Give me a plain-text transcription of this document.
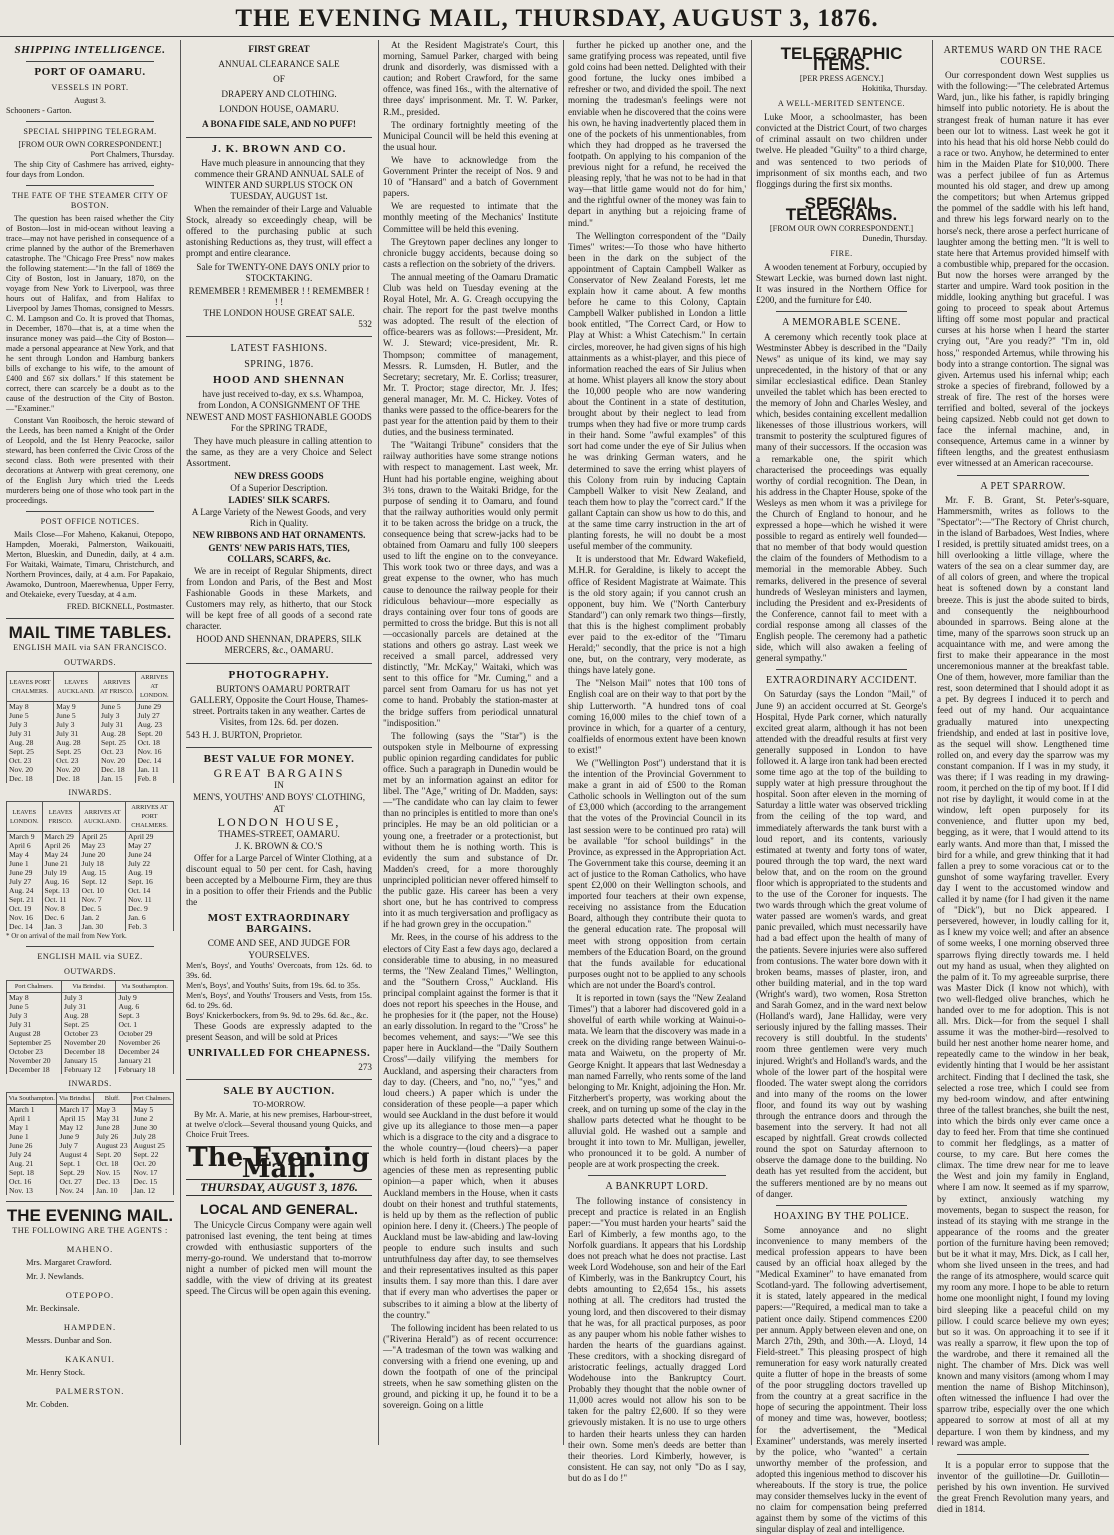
THE EVENING MAIL, THURSDAY, AUGUST 3, 1876.
SHIPPING INTELLIGENCE.
PORT OF OAMARU.
VESSELS IN PORT.
August 3.
Schooners - Garton.
SPECIAL SHIPPING TELEGRAM.
[FROM OUR OWN CORRESPONDENT.]
Port Chalmers, Thursday.

The ship City of Cashmere has arrived, eighty-four days from London.

THE FATE OF THE STEAMER CITY OF BOSTON.

The question has been raised whether the City of Boston—lost in mid-ocean without leaving a trace—may not have perished in consequence of a crime planned by the author of the Bremerhaven catastrophe. The "Chicago Free Press" now makes the following statement:—"In the fall of 1869 the City of Boston, lost in January, 1870, on the voyage from New York to Liverpool, was three hours out of Halifax, and from Halifax to Liverpool by James Thomas, consigned to Messrs. C. M. Lampson and Co. It is proved that Thomas, in December, 1870—that is, at a time when the insurance money was paid—the City of Boston—made a personal appearance at New York, and that he sent through London and Hamburg bankers bills of exchange to his wife, to the amount of £400 and £67 six dollars." If this statement be correct, there can scarcely be a doubt as to the cause of the destruction of the City of Boston.—"Examiner."

Constant Van Rooibosch, the heroic steward of the Leeds, has been named a Knight of the Order of Leopold, and the Ist Henry Peacocke, sailor steward, has been conferred the Civic Cross of the second class. Both were presented with their decorations at Antwerp with great ceremony, one of the English Jury which tried the Leeds murderers being one of those who took part in the proceedings.

POST OFFICE NOTICES.

Mails Close—For Maheno, Kakanui, Otepopo, Hampden, Moeraki, Palmerston, Waikouaiti, Merton, Blueskin, and Dunedin, daily, at 4 a.m. For Waitaki, Waimate, Timaru, Christchurch, and Northern Provinces, daily, at 4 a.m. For Papakaio, Awamoko, Duntroon, Maerewhenua, Upper Ferry, and Otekaieke, every Tuesday, at 4 a.m.

FRED. BICKNELL, Postmaster.
MAIL TIME TABLES.
ENGLISH MAIL via SAN FRANCISCO.
OUTWARDS.
LEAVES PORT CHALMERS.	LEAVES AUCKLAND.	ARRIVES AT FRISCO.	ARRIVES AT LONDON.
May 8	May 9	June 5	June 29
June 5	June 5	July 3	July 27
July 3	July 3	July 31	Aug. 23
July 31	July 31	Aug. 28	Sept. 20
Aug. 28	Aug. 28	Sept. 25	Oct. 18
Sept. 25	Sept. 25	Oct. 23	Nov. 16
Oct. 23	Oct. 23	Nov. 20	Dec. 14
Nov. 20	Nov. 20	Dec. 18	Jan. 11
Dec. 18	Dec. 18	Jan. 15	Feb. 8
INWARDS.
LEAVES LONDON.	LEAVES FRISCO.	ARRIVES AT AUCKLAND.	ARRIVES AT PORT CHALMERS.
March 9	March 29	April 25	April 29
April 6	April 26	May 23	May 27
May 4	May 24	June 20	June 24
June 1	June 21	July 18	July 22
June 29	July 19	Aug. 15	Aug. 19
July 27	Aug. 16	Sept. 12	Sept. 16
Aug. 24	Sept. 13	Oct. 10	Oct. 14
Sept. 21	Oct. 11	Nov. 7	Nov. 11
Oct. 19	Nov. 8	Dec. 5	Dec. 9
Nov. 16	Dec. 6	Jan. 2	Jan. 6
Dec. 14	Jan. 3	Jan. 30	Feb. 3
* Or on arrival of the mail from New York.
ENGLISH MAIL via SUEZ.
OUTWARDS.
Port Chalmers.	Via Brindisi.	Via Southampton.
May 8	July 3	July 9
June 5	July 31	Aug. 6
July 3	Aug. 28	Sept. 3
July 31	Sept. 25	Oct. 1
August 28	October 23	October 29
September 25	November 20	November 26
October 23	December 18	December 24
November 20	January 15	January 21
December 18	February 12	February 18
INWARDS.
Via Southampton.	Via Brindisi.	Bluff.	Port Chalmers.
March 1	March 17	May 3	May 5
April 1	April 15	May 31	June 2
May 1	May 12	June 28	June 30
June 1	June 9	July 26	July 28
June 26	July 7	August 23	August 25
July 24	August 4	Sept. 20	Sept. 22
Aug. 21	Sept. 1	Oct. 18	Oct. 20
Sept. 18	Sept. 29	Nov. 15	Nov. 17
Oct. 16	Oct. 27	Dec. 13	Dec. 15
Nov. 13	Nov. 24	Jan. 10	Jan. 12
THE EVENING MAIL.
THE FOLLOWING ARE THE AGENTS :
MAHENO.
Mrs. Margaret Crawford.
Mr. J. Newlands.
OTEPOPO.
Mr. Beckinsale.
HAMPDEN.
Messrs. Dunbar and Son.
KAKANUI.
Mr. Henry Stock.
PALMERSTON.
Mr. Cobden.
FIRST GREAT
ANNUAL CLEARANCE SALE
OF
DRAPERY AND CLOTHING.
LONDON HOUSE, OAMARU.
A BONA FIDE SALE, AND NO PUFF!
J. K. BROWN AND CO.

Have much pleasure in announcing that they commence their GRAND ANNUAL SALE of WINTER AND SURPLUS STOCK ON TUESDAY, AUGUST 1st.

When the remainder of their Large and Valuable Stock, already so exceedingly cheap, will be offered to the purchasing public at such astonishing Reductions as, they trust, will effect a prompt and entire clearance.

Sale for TWENTY-ONE DAYS ONLY prior to STOCKTAKING.

REMEMBER ! REMEMBER ! ! REMEMBER ! ! !
THE LONDON HOUSE GREAT SALE.
532
LATEST FASHIONS.
SPRING, 1876.
HOOD AND SHENNAN

have just received to-day, ex s.s. Whampoa, from London, A CONSIGNMENT OF THE NEWEST AND MOST FASHIONABLE GOODS For the SPRING TRADE,

They have much pleasure in calling attention to the same, as they are a very Choice and Select Assortment.

NEW DRESS GOODS
Of a Superior Description.
LADIES' SILK SCARFS.
A Large Variety of the Newest Goods, and very Rich in Quality.
NEW RIBBONS AND HAT ORNAMENTS.
GENTS' NEW PARIS HATS, TIES, COLLARS, SCARFS, &c.

We are in receipt of Regular Shipments, direct from London and Paris, of the Best and Most Fashionable Goods in these Markets, and Customers may rely, as hitherto, that our Stock will be kept free of all goods of a second rate character.

HOOD AND SHENNAN, DRAPERS, SILK MERCERS, &c., OAMARU.
PHOTOGRAPHY.

BURTON'S OAMARU PORTRAIT GALLERY, Opposite the Court House, Thames-street. Portraits taken in any weather. Cartes de Visites, from 12s. 6d. per dozen.

543 H. J. BURTON, Proprietor.
BEST VALUE FOR MONEY.
GREAT BARGAINS
IN
MEN'S, YOUTHS' AND BOYS' CLOTHING,
AT
LONDON HOUSE,
THAMES-STREET, OAMARU.
J. K. BROWN & CO.'S

Offer for a Large Parcel of Winter Clothing, at a discount equal to 50 per cent. for Cash, having been accepted by a Melbourne Firm, they are thus in a position to offer their Friends and the Public the

MOST EXTRAORDINARY BARGAINS.
COME AND SEE, AND JUDGE FOR YOURSELVES.
Men's, Boys', and Youths' Overcoats, from 12s. 6d. to 39s. 6d.
Men's, Boys', and Youths' Suits, from 19s. 6d. to 35s.
Men's, Boys', and Youths' Trousers and Vests, from 15s. 6d. to 29s. 6d.
Boys' Knickerbockers, from 9s. 9d. to 29s. 6d. &c., &c.

These Goods are expressly adapted to the present Season, and will be sold at Prices

UNRIVALLED FOR CHEAPNESS.
273
SALE BY AUCTION.
TO-MORROW.

By Mr. A. Marie, at his new premises, Harbour-street, at twelve o'clock—Several thousand young Quicks, and Choice Fruit Trees.

The Evening Mail.
THURSDAY, AUGUST 3, 1876.
LOCAL AND GENERAL.

The Unicycle Circus Company were again well patronised last evening, the tent being at times crowded with enthusiastic supporters of the merry-go-round. We understand that to-morrow night a number of picked men will mount the saddle, with the view of driving at its greatest speed. The Circus will be open again this evening.

At the Resident Magistrate's Court, this morning, Samuel Parker, charged with being drunk and disorderly, was dismissed with a caution; and Robert Crawford, for the same offence, was fined 16s., with the alternative of three days' imprisonment. Mr. T. W. Parker, R.M., presided.

The ordinary fortnightly meeting of the Municipal Council will be held this evening at the usual hour.

We have to acknowledge from the Government Printer the receipt of Nos. 9 and 10 of "Hansard" and a batch of Government papers.

We are requested to intimate that the monthly meeting of the Mechanics' Institute Committee will be held this evening.

The Greytown paper declines any longer to chronicle buggy accidents, because doing so casts a reflection on the sobriety of the drivers.

The annual meeting of the Oamaru Dramatic Club was held on Tuesday evening at the Royal Hotel, Mr. A. G. Creagh occupying the chair. The report for the past twelve months was adopted. The result of the election of office-bearers was as follows:—President, Mr. W. J. Steward; vice-president, Mr. R. Thompson; committee of management, Messrs. R. Lumsden, H. Butler, and the Secretary; secretary, Mr. E. Corliss; treasurer, Mr. T. Proctor; stage director, Mr. J. Ifes; general manager, Mr. M. C. Hickey. Votes of thanks were passed to the office-bearers for the past year for the attention paid by them to their duties, and the business terminated.

The "Waitangi Tribune" considers that the railway authorities have some strange notions with respect to management. Last week, Mr. Hunt had his portable engine, weighing about 3½ tons, drawn to the Waitaki Bridge, for the purpose of sending it to Oamaru, and found that the railway authorities would only permit it to be taken across the bridge on a truck, the consequence being that screw-jacks had to be obtained from Oamaru and fully 100 sleepers used to lift the engine on to the conveyance. This work took two or three days, and was a great expense to the owner, who has much cause to denounce the railway people for their ridiculous behaviour—more especially as drays containing over four tons of goods are permitted to cross the bridge. But this is not all—occasionally parcels are detained at the stations and others go astray. Last week we received a small parcel, addressed very distinctly, "Mr. McKay," Waitaki, which was sent to this office for "Mr. Cuming," and a parcel sent from Oamaru for us has not yet come to hand. Probably the station-master at the bridge suffers from periodical unnatural "indisposition."

The following (says the "Star") is the outspoken style in Melbourne of expressing public opinion regarding candidates for public office. Such a paragraph in Dunedin would be met by an information against an editor for libel. The "Age," writing of Dr. Madden, says:—"The candidate who can lay claim to fewer than no principles is entitled to more than one's principles. He may be an old politician or a young one, a freetrader or a protectionist, but without them he is nothing worth. This is evidently the sum and substance of Dr. Madden's creed, for a more thoroughly unprincipled politician never offered himself to the public gaze. His career has been a very short one, but he has contrived to compress into it as much tergiversation and profligacy as if he had grown grey in the occupation."

Mr. Rees, in the course of his address to the electors of City East a few days ago, declared a considerable time to abusing, in no measured terms, the "New Zealand Times," Wellington, and the "Southern Cross," Auckland. His principal complaint against the former is that it does not report his speeches in the House, and he prophesies for it (the paper, not the House) an early dissolution. In regard to the "Cross" he becomes vehement, and says:—"We see this paper here in Auckland—the "Daily Southern Cross"—daily vilifying the members for Auckland, and aspersing their characters from day to day. (Cheers, and "no, no," "yes," and loud cheers.) A paper which is under the consideration of these people—a paper which would see Auckland in the dust before it would give up its allegiance to those men—a paper which is a disgrace to the city and a disgrace to the whole country—(loud cheers)—a paper which is held forth in distant places by the agencies of these men as representing public opinion—a paper which, when it abuses Auckland members in the House, when it casts doubt on their honest and truthful statements, is held up by them as the reflection of public opinion here. I deny it. (Cheers.) The people of Auckland must be law-abiding and law-loving people to endure such insults and such untruthfulness day after day, to see themselves and their representatives insulted as this paper insults them. I say more than this. I dare aver that if every man who advertises the paper or subscribes to it aiming a blow at the liberty of the country."

The following incident has been related to us ("Riverina Herald") as of recent occurrence:—"A tradesman of the town was walking and conversing with a friend one evening, up and down the footpath of one of the principal streets, when he saw something glisten on the ground, and picking it up, he found it to be a sovereign. Going on a little

further he picked up another one, and the same gratifying process was repeated, until five gold coins had been netted. Delighted with their good fortune, the lucky ones imbibed a refresher or two, and divided the spoil. The next morning the tradesman's feelings were not enviable when he discovered that the coins were his own, he having inadvertently placed them in one of the pockets of his unmentionables, from which they had dropped as he traversed the footpath. On applying to his companion of the previous night for a refund, he received the pleasing reply, 'that he was not to be had in that way—that little game would not do for him,' and the rightful owner of the money was fain to depart in anything but a rejoicing frame of mind."

The Wellington correspondent of the "Daily Times" writes:—To those who have hitherto been in the dark on the subject of the appointment of Captain Campbell Walker as Conservator of New Zealand Forests, let me explain how it came about. A few months before he came to this Colony, Captain Campbell Walker published in London a little book entitled, "The Correct Card, or How to Play at Whist: a Whist Catechism." In certain circles, moreover, he had given signs of his high attainments as a whist-player, and this piece of information reached the ears of Sir Julius when at home. Whist players all know the story about the 10,000 people who are now wandering about the Continent in a state of destitution, brought about by their neglect to lead from trumps when they had five or more trump cards in their hand. Some "awful examples" of this sort had come under the eye of Sir Julius when he was drinking German waters, and he determined to save the erring whist players of this Colony from ruin by inducing Captain Campbell Walker to visit New Zealand, and teach them how to play the "correct card." If the gallant Captain can show us how to do this, and at the same time carry instruction in the art of planting forests, he will no doubt be a most useful member of the community.

It is understood that Mr. Edward Wakefield, M.H.R. for Geraldine, is likely to accept the office of Resident Magistrate at Waimate. This is the old story again; if you cannot crush an opponent, buy him. We ("North Canterbury Standard") can only remark two things—firstly, that this is the highest compliment probably ever paid to the ex-editor of the "Timaru Herald;" secondly, that the price is not a high one, but, on the contrary, very moderate, as things have lately gone.

The "Nelson Mail" notes that 100 tons of English coal are on their way to that port by the ship Lutterworth. "A hundred tons of coal coming 16,000 miles to the chief town of a province in which, for a quarter of a century, coalfields of enormous extent have been known to exist!"

We ("Wellington Post") understand that it is the intention of the Provincial Government to make a grant in aid of £500 to the Roman Catholic schools in Wellington out of the sum of £3,000 which (according to the arrangement that the votes of the Provincial Council in its last session were to be continued pro rata) will be available "for school buildings" in the Province, as expressed in the Appropriation Act. The Government take this course, deeming it an act of justice to the Roman Catholics, who have spent £2,000 on their Wellington schools, and imported four teachers at their own expense, receiving no assistance from the Education Board, although they contribute their quota to the general education rate. The proposal will meet with strong opposition from certain members of the Education Board, on the ground that the funds available for educational purposes ought not to be applied to any schools which are not under the Board's control.

It is reported in town (says the "New Zealand Times") that a laborer had discovered gold in a shovelful of earth while working at Wainui-o-mata. We learn that the discovery was made in a creek on the dividing range between Wainui-o-mata and Waiwetu, on the property of Mr. George Knight. It appears that last Wednesday a man named Farrelly, who rents some of the land belonging to Mr. Knight, adjoining the Hon. Mr. Fitzherbert's property, was working about the creek, and on turning up some of the clay in the shallow parts detected what he thought to be alluvial gold. He washed out a sample and brought it into town to Mr. Mulligan, jeweller, who pronounced it to be gold. A number of people are at work prospecting the creek.

A BANKRUPT LORD.

The following instance of consistency in precept and practice is related in an English paper:—"You must harden your hearts" said the Earl of Kimberly, a few months ago, to the Norfolk guardians. It appears that his Lordship does not preach what he does not practise. Last week Lord Wodehouse, son and heir of the Earl of Kimberly, was in the Bankruptcy Court, his debts amounting to £2,654 15s., his assets nothing at all. The creditors had trusted the young lord, and then discovered to their dismay that he was, for all practical purposes, as poor as any pauper whom his noble father wishes to harden the hearts of the guardians against. These creditors, with a shocking disregard of aristocratic feelings, actually dragged Lord Wodehouse into the Bankruptcy Court. Probably they thought that the noble owner of 11,000 acres would not allow his son to be taken for the paltry £2,600. If so they were grievously mistaken. It is no use to urge others to harden their hearts unless they can harden their own. Some men's deeds are better than their theories. Lord Kimberly, however, is consistent. He can say, not only "Do as I say, but do as I do !"

TELEGRAPHIC ITEMS.
[PER PRESS AGENCY.]
Hokitika, Thursday.
A WELL-MERITED SENTENCE.

Luke Moor, a schoolmaster, has been convicted at the District Court, of two charges of criminal assault on two children under twelve. He pleaded "Guilty" to a third charge, and was sentenced to two periods of imprisonment of six months each, and two floggings during the first six months.

SPECIAL TELEGRAMS.
[FROM OUR OWN CORRESPONDENT.]
Dunedin, Thursday.
FIRE.

A wooden tenement at Forbury, occupied by Stewart Leckie, was burned down last night. It was insured in the Northern Office for £200, and the furniture for £40.

A MEMORABLE SCENE.

A ceremony which recently took place at Westminster Abbey is described in the "Daily News" as unique of its kind, we may say unprecedented, in the history of that or any similar ecclesiastical edifice. Dean Stanley unveiled the tablet which has been erected to the memory of John and Charles Wesley, and which, besides containing excellent medallion likenesses of those illustrious workers, will transmit to posterity the sculptured figures of many of their successors. If the occasion was a remarkable one, the spirit which characterised the proceedings was equally worthy of cordial recognition. The Dean, in his address in the Chapter House, spoke of the Wesleys as men whom it was a privilege for the Church of England to honour, and he expressed a hope—which he wished it were possible to regard as entirely well founded—that no member of that body would question the claim of the founders of Methodism to a memorial in the memorable Abbey. Such remarks, delivered in the presence of several hundreds of Wesleyan ministers and laymen, including the President and ex-Presidents of the Conference, cannot fail to meet with a cordial response among all classes of the English people. The ceremony had a pathetic side, which will also awaken a feeling of general sympathy."

EXTRAORDINARY ACCIDENT.

On Saturday (says the London "Mail," of June 9) an accident occurred at St. George's Hospital, Hyde Park corner, which naturally excited great alarm, although it has not been attended with the dreadful results at first very generally supposed in London to have followed it. A large iron tank had been erected some time ago at the top of the building to supply water at high pressure throughout the hospital. Soon after eleven in the morning of Saturday a little water was observed trickling from the ceiling of the top ward, and immediately afterwards the tank burst with a loud report, and its contents, variously estimated at twenty and forty tons of water, poured through the top ward, the next ward below that, and on the room on the ground floor which is appropriated to the students and to the use of the Coroner for inquests. The two wards through which the great volume of water passed are women's wards, and great panic prevailed, which must necessarily have had a bad effect upon the health of many of the patients. Severe injuries were also suffered from contusions. The water bore down with it broken beams, masses of plaster, iron, and other building material, and in the top ward (Wright's ward), two women, Rosa Stretton and Sarah Gomez, and in the ward next below (Holland's ward), Jane Halliday, were very seriously injured by the falling masses. Their recovery is still doubtful. In the students' room three gentlemen were very much injured. Wright's and Holland's wards, and the whole of the lower part of the hospital were flooded. The water swept along the corridors and into many of the rooms on the lower floor, and found its way out by washing through the entrance doors and through the basement into the servery. It had not all escaped by nightfall. Great crowds collected round the spot on Saturday afternoon to observe the damage done to the building. No death has yet resulted from the accident, but the sufferers mentioned are by no means out of danger.

HOAXING BY THE POLICE.

Some annoyance and no slight inconvenience to many members of the medical profession appears to have been caused by an official hoax alleged by the "Medical Examiner" to have emanated from Scotland-yard. The following advertisement, it is stated, lately appeared in the medical papers:—"Required, a medical man to take a patient once daily. Stipend commences £200 per annum. Apply between eleven and one, on March 27th, 29th, and 30th.—A. Lloyd, 14 Field-street." This pleasing prospect of high remuneration for easy work naturally created quite a flutter of hope in the breasts of some of the poor struggling doctors travelled up from the country at a great sacrifice in the hope of securing the appointment. Their loss of money and time was, however, bootless; for the advertisement, the "Medical Examiner" understands, was merely inserted by the police, who "wanted" a certain unworthy member of the profession, and adopted this ingenious method to discover his whereabouts. If the story is true, the police may consider themselves lucky in the event of no claim for compensation being preferred against them by some of the victims of this singular display of zeal and intelligence.

ARTEMUS WARD ON THE RACE COURSE.

Our correspondent down West supplies us with the following:—"The celebrated Artemus Ward, jun., like his father, is rapidly bringing himself into public notoriety. He is about the strangest freak of human nature it has ever been our lot to witness. Last week he got it into his head that his old horse Nebb could do a race or two. Anyhow, he determined to enter him in the Maiden Plate for $10,000. There was a perfect jubilee of fun as Artemus mounted his old stager, and drew up among the competitors; but when Artemus gripped the pommel of the saddle with his left hand, and threw his legs forward nearly on to the horse's neck, there arose a perfect hurricane of laughter among the betting men. "It is well to state here that Artemus provided himself with a combustible whip, prepared for the occasion. But now the horses were arranged by the starter and umpire. Ward took position in the middle, looking anything but graceful. I was going to proceed to speak about Artemus lifting off some most popular and practical curses at his horse when I heard the starter crying out, "Are you ready?" "I'm in, old hoss," responded Artemus, while throwing his body into a strange contortion. The signal was given. Artemus used his infernal whip; each stroke a species of firebrand, followed by a streak of fire. The rest of the horses were terrified and bolted, several of the jockeys being capsized. Nebb could not get down to face the infernal machine, and, in consequence, Artemus came in a winner by fifteen lengths, and the greatest enthusiasm ever witnessed at an American racecourse.

A PET SPARROW.

Mr. F. B. Grant, St. Peter's-square, Hammersmith, writes as follows to the "Spectator":—"The Rectory of Christ church, in the island of Barbadoes, West Indies, where I resided, is prettily situated amidst trees, on a hill overlooking a little village, where the waters of the sea on a clear summer day, are of all colors of green, and where the tropical heat is softened down by a constant land breeze. This is just the abode suited to birds, and consequently the neighbourhood abounded in sparrows. Being alone at the time, many of the sparrows soon struck up an acquaintance with me, and were among the first to make their appearance in the most unceremonious manner at the breakfast table. One of them, however, more familiar than the rest, soon determined that I should adopt it as a pet. By degrees I induced it to perch and feed out of my hand. Our acquaintance gradually matured into unexpecting friendship, and ended at last in positive love, as the sequel will show. Lengthened time rolled on, and every day the sparrow was my constant companion. If I was in my study, it was there; if I was reading in my drawing-room, it perched on the tip of my boot. If I did not rise by daylight, it would come in at the window, left open purposely for its convenience, and flutter upon my bed, begging, as it were, that I would attend to its early wants. And more than that, I missed the bird for a while, and grew thinking that it had fallen a prey to some voracious cat or to the gunshot of some wayfaring traveller. Every day I went to the accustomed window and called it by name (for I had given it the name of "Dick"), but no Dick appeared. I persevered, however, in loudly calling for it, as I knew my voice well; and after an absence of some weeks, I one morning observed three sparrows flying directly towards me. I held out my hand as usual, when they alighted on the palm of it. To my agreeable surprise, there was Master Dick (I know not which), with two well-fledged olive branches, which he handed over to me for adoption. This is not all. Mrs. Dick—for from the sequel I shall assume it was the mother-bird—resolved to build her nest another home nearer home, and repeatedly came to the window in her beak, evidently hinting that I would be her assistant architect. Finding that I declined the task, she selected a rose tree, which I could see from my bed-room window, and after entwining three of the tallest branches, she built the nest, into which the birds only ever came once a day to feed her. From that time she continued to commit her fledglings, as a matter of course, to my care. But here comes the climax. The time drew near for me to leave the West and join my family in England, where I am now. It seemed as if my sparrow, by extinct, anxiously watching my movements, began to suspect the reason, for instead of its staying with me strange in the appearance of the rooms and the greater portion of the furniture having been removed; but be it what it may, Mrs. Dick, as I call her, whom she lived unseen in the trees, and had the range of its atmosphere, would scarce quit my room any more. I hope to be able to return home one moonlight night, I found my loving bird sleeping like a peaceful child on my pillow. I could scarce believe my own eyes; but so it was. On approaching it to see if it was really a sparrow, it flew upon the top of the wardrobe, and there it remained all the night. The chamber of Mrs. Dick was well known and many visitors (among whom I may mention the name of Bishop Mitchinson), often witnessed the influence I had over the sparrow tribe, especially over the one which appeared to sorrow at most of all at my departure. I won them by kindness, and my reward was ample.

It is a popular error to suppose that the inventor of the guillotine—Dr. Guillotin—perished by his own invention. He survived the great French Revolution many years, and died in 1814.
